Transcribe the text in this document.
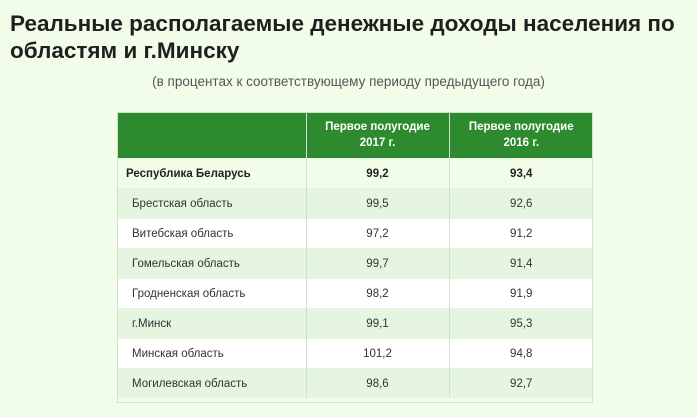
Реальные располагаемые денежные доходы населения по областям и г.Минску
(в процентах к соответствующему периоду предыдущего года)
	Первое полугодие 2017 г.	Первое полугодие 2016 г.
Республика Беларусь	99,2	93,4
Брестская область	99,5	92,6
Витебская область	97,2	91,2
Гомельская область	99,7	91,4
Гродненская область	98,2	91,9
г.Минск	99,1	95,3
Минская область	101,2	94,8
Могилевская область	98,6	92,7
